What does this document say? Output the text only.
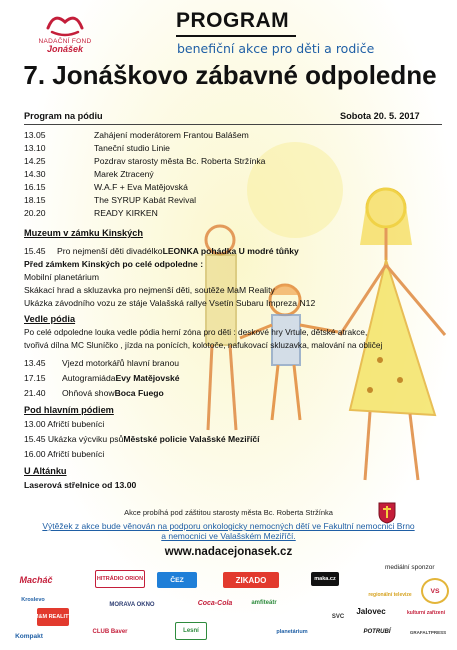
NADAČNÍ FOND
Jonášek
PROGRAM
benefiční akce pro děti a rodiče
7. Jonáškovo zábavné odpoledne
Program na pódiu	Sobota 20. 5. 2017
13.05	Zahájení moderátorem Frantou Balášem
13.10	Taneční studio Linie
14.25	Pozdrav starosty města Bc. Roberta Stržínka
14.30	Marek Ztracený
16.15	W.A.F + Eva Matějovská
18.15	The SYRUP Kabát Revival
20.20	READY KIRKEN
Muzeum v zámku Kinských
15.45	Pro nejmenší děti divadélko LEONKA pohádka U modré tůňky
Před zámkem Kinských po celé odpoledne :
Mobilní planetárium
Skákací hrad a skluzavka pro nejmenší děti, soutěže MaM Reality
Ukázka závodního vozu ze stáje Valašská rallye Vsetín Subaru Impreza N12
Vedle pódia
Po celé odpoledne louka vedle pódia herní zóna pro děti : deskové hry Vrtule, dětské atrakce,
tvořivá dílna MC Sluníčko , jízda na ponících, kolotoče, nafukovací skluzavka, malování na obličej
13.45	Vjezd motorkářů hlavní branou
17.15	Autogramiáda Evy Matějovské
21.40	Ohňová show Boca Fuego
Pod hlavním pódiem
13.00 Afričtí bubeníci
15.45 Ukázka výcviku psů Městské policie Valašské Meziříčí
16.00 Afričtí bubeníci
U Altánku
Laserová střelnice od 13.00
Akce probíhá pod záštitou starosty města Bc. Roberta Stržínka
Výtěžek z akce bude věnován na podporu onkologicky nemocných dětí ve Fakultní nemocnici Brno
a nemocnici ve Valašském Meziříčí.
www.nadacejonasek.cz
mediální sponzor
Macháč	HITRÁDIO ORION	ČEZ	ZIKADO	maka.cz
regionální televize
VS
Kroslevo
MORAVA OKNO	Coca-Cola	amfiteátr
SVC
Jalovec	kulturní zařízení
M&M REALITY
Kompakt
CLUB Baver	Lesní	planetárium	POTRUBÍ	GRAFALTPRESS
